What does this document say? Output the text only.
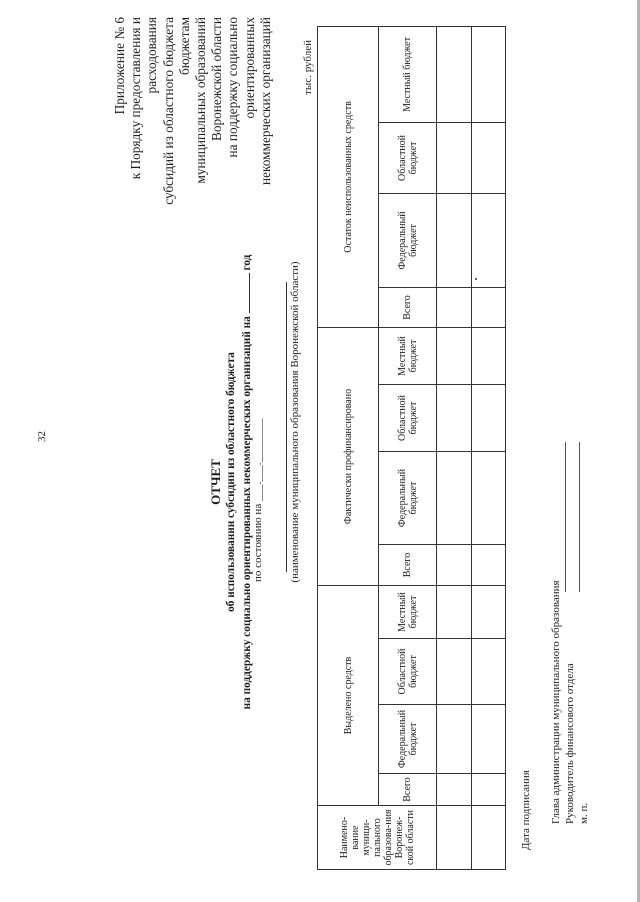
32
Приложение № 6 к Порядку предоставления и расходования субсидий из областного бюджета бюджетам муниципальных образований Воронежской области на поддержку социально ориентированных некоммерческих организаций
ОТЧЕТ об использовании субсидии из областного бюджета на поддержку социально ориентированных некоммерческих организаций на  год
по состоянию на ___.___.________ (наименование муниципального образования Воронежской области)
тыс. рублей
Наимено-вание муници-пального образова-ния Воронеж-ской области	Выделено средств				Фактически профинансировано				Остаток неиспользованных средств			
	Всего	Федеральный бюджет	Областной бюджет	Местный бюджет	Всего	Федеральный бюджет	Областной бюджет	Местный бюджет	Всего	Федеральный бюджет	Областной бюджет	Местный бюджет

Дата подписания Глава администрации муниципального образования Руководитель финансового отдела м. п.
